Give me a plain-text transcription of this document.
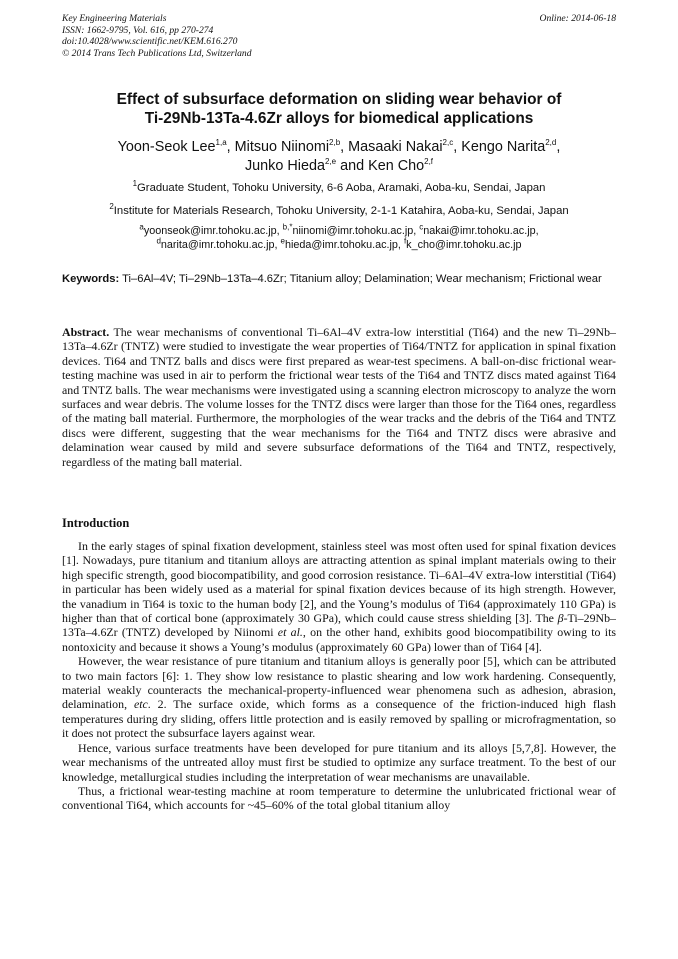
Key Engineering Materials
ISSN: 1662-9795, Vol. 616, pp 270-274
doi:10.4028/www.scientific.net/KEM.616.270
© 2014 Trans Tech Publications Ltd, Switzerland
Online: 2014-06-18
Effect of subsurface deformation on sliding wear behavior of
Ti-29Nb-13Ta-4.6Zr alloys for biomedical applications
Yoon-Seok Lee$^{1,a}$, Mitsuo Niinomi$^{2,b}$, Masaaki Nakai$^{2,c}$, Kengo Narita$^{2,d}$,
Junko Hieda$^{2,e}$ and Ken Cho$^{2,f}$
$^1$Graduate Student, Tohoku University, 6-6 Aoba, Aramaki, Aoba-ku, Sendai, Japan
$^2$Institute for Materials Research, Tohoku University, 2-1-1 Katahira, Aoba-ku, Sendai, Japan
$^a$yoonseok@imr.tohoku.ac.jp, $^{b,*}$niinomi@imr.tohoku.ac.jp, $^c$nakai@imr.tohoku.ac.jp,
$^d$narita@imr.tohoku.ac.jp, $^e$hieda@imr.tohoku.ac.jp, $^f$k_cho@imr.tohoku.ac.jp
Keywords: Ti–6Al–4V; Ti–29Nb–13Ta–4.6Zr; Titanium alloy; Delamination; Wear mechanism; Frictional wear
Abstract. The wear mechanisms of conventional Ti–6Al–4V extra-low interstitial (Ti64) and the new Ti–29Nb–13Ta–4.6Zr (TNTZ) were studied to investigate the wear properties of Ti64/TNTZ for application in spinal fixation devices. Ti64 and TNTZ balls and discs were first prepared as wear-test specimens. A ball-on-disc frictional wear-testing machine was used in air to perform the frictional wear tests of the Ti64 and TNTZ discs mated against Ti64 and TNTZ balls. The wear mechanisms were investigated using a scanning electron microscopy to analyze the worn surfaces and wear debris. The volume losses for the TNTZ discs were larger than those for the Ti64 ones, regardless of the mating ball material. Furthermore, the morphologies of the wear tracks and the debris of the Ti64 and TNTZ discs were different, suggesting that the wear mechanisms for the Ti64 and TNTZ discs were abrasive and delamination wear caused by mild and severe subsurface deformations of the Ti64 and TNTZ, respectively, regardless of the mating ball material.
Introduction

In the early stages of spinal fixation development, stainless steel was most often used for spinal fixation devices [1]. Nowadays, pure titanium and titanium alloys are attracting attention as spinal implant materials owing to their high specific strength, good biocompatibility, and good corrosion resistance. Ti–6Al–4V extra-low interstitial (Ti64) in particular has been widely used as a material for spinal fixation devices because of its high strength. However, the vanadium in Ti64 is toxic to the human body [2], and the Young’s modulus of Ti64 (approximately 110 GPa) is higher than that of cortical bone (approximately 30 GPa), which could cause stress shielding [3]. The β-Ti–29Nb–13Ta–4.6Zr (TNTZ) developed by Niinomi et al., on the other hand, exhibits good biocompatibility owing to its nontoxicity and because it shows a Young’s modulus (approximately 60 GPa) lower than of Ti64 [4].

However, the wear resistance of pure titanium and titanium alloys is generally poor [5], which can be attributed to two main factors [6]: 1. They show low resistance to plastic shearing and low work hardening. Consequently, material weakly counteracts the mechanical-property-influenced wear phenomena such as adhesion, abrasion, delamination, etc. 2. The surface oxide, which forms as a consequence of the friction-induced high flash temperatures during dry sliding, offers little protection and is easily removed by spalling or microfragmentation, so it does not protect the subsurface layers against wear.

Hence, various surface treatments have been developed for pure titanium and its alloys [5,7,8]. However, the wear mechanisms of the untreated alloy must first be studied to optimize any surface treatment. To the best of our knowledge, metallurgical studies including the interpretation of wear mechanisms are unavailable.

Thus, a frictional wear-testing machine at room temperature to determine the unlubricated frictional wear of conventional Ti64, which accounts for ~45–60% of the total global titanium alloy
